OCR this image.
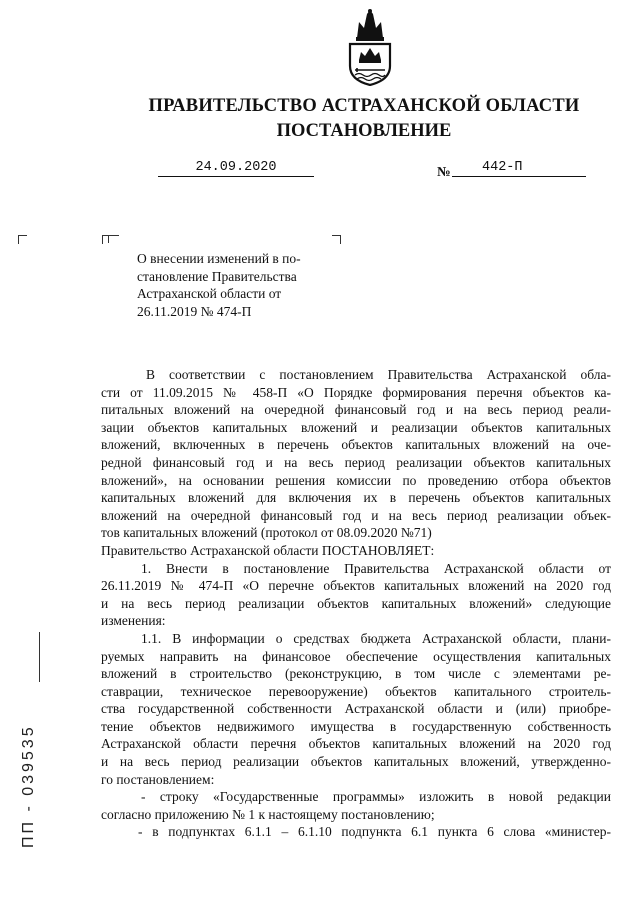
ПРАВИТЕЛЬСТВО АСТРАХАНСКОЙ ОБЛАСТИ
ПОСТАНОВЛЕНИЕ
24.09.2020	№	442-П
О внесении изменений в по-
становление Правительства
Астраханской области от
26.11.2019 № 474-П
В соответствии с постановлением Правительства Астраханской обла-
сти от 11.09.2015 № 458-П «О Порядке формирования перечня объектов ка-
питальных вложений на очередной финансовый год и на весь период реали-
зации объектов капитальных вложений и реализации объектов капитальных
вложений, включенных в перечень объектов капитальных вложений на оче-
редной финансовый год и на весь период реализации объектов капитальных
вложений», на основании решения комиссии по проведению отбора объектов
капитальных вложений для включения их в перечень объектов капитальных
вложений на очередной финансовый год и на весь период реализации объек-
тов капитальных вложений (протокол от 08.09.2020 №71)
Правительство Астраханской области ПОСТАНОВЛЯЕТ:
1. Внести в постановление Правительства Астраханской области от
26.11.2019 № 474-П «О перечне объектов капитальных вложений на 2020 год
и на весь период реализации объектов капитальных вложений» следующие
изменения:
1.1. В информации о средствах бюджета Астраханской области, плани-
руемых направить на финансовое обеспечение осуществления капитальных
вложений в строительство (реконструкцию, в том числе с элементами ре-
ставрации, техническое перевооружение) объектов капитального строитель-
ства государственной собственности Астраханской области и (или) приобре-
тение объектов недвижимого имущества в государственную собственность
Астраханской области перечня объектов капитальных вложений на 2020 год
и на весь период реализации объектов капитальных вложений, утвержденно-
го постановлением:
- строку «Государственные программы» изложить в новой редакции
согласно приложению № 1 к настоящему постановлению;
- в подпунктах 6.1.1 – 6.1.10 подпункта 6.1 пункта 6 слова «министер-
ПП - 039535
